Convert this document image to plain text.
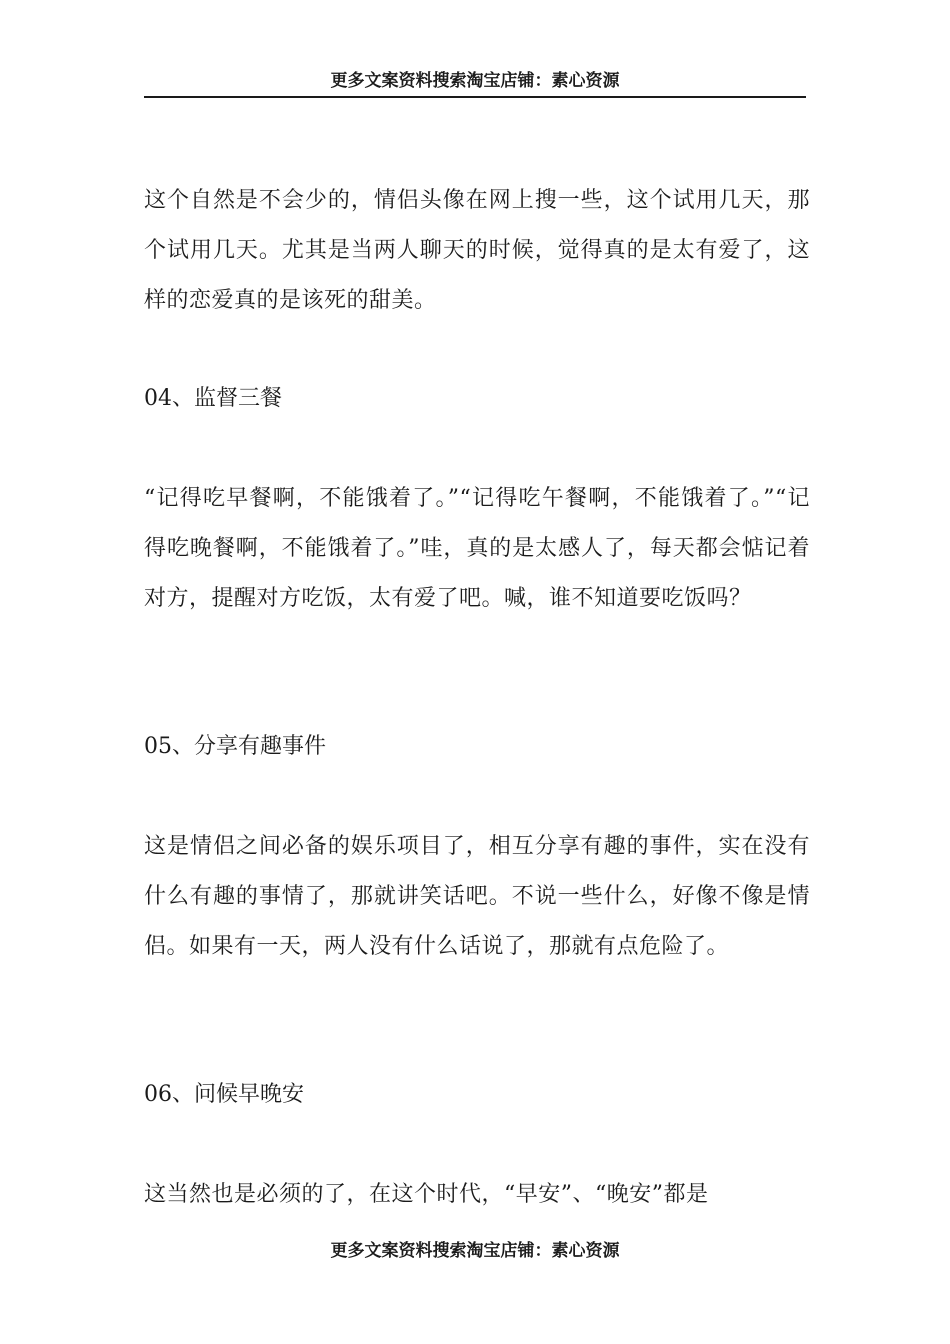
更多文案资料搜索淘宝店铺：素心资源

这个自然是不会少的，情侣头像在网上搜一些，这个试用几天，那个试用几天。尤其是当两人聊天的时候，觉得真的是太有爱了，这样的恋爱真的是该死的甜美。

04、监督三餐

“记得吃早餐啊，不能饿着了。”“记得吃午餐啊，不能饿着了。”“记得吃晚餐啊，不能饿着了。”哇，真的是太感人了，每天都会惦记着对方，提醒对方吃饭，太有爱了吧。喊，谁不知道要吃饭吗？

05、分享有趣事件

这是情侣之间必备的娱乐项目了，相互分享有趣的事件，实在没有什么有趣的事情了，那就讲笑话吧。不说一些什么，好像不像是情侣。如果有一天，两人没有什么话说了，那就有点危险了。

06、问候早晚安

这当然也是必须的了，在这个时代，“早安”、“晚安”都是

更多文案资料搜索淘宝店铺：素心资源
